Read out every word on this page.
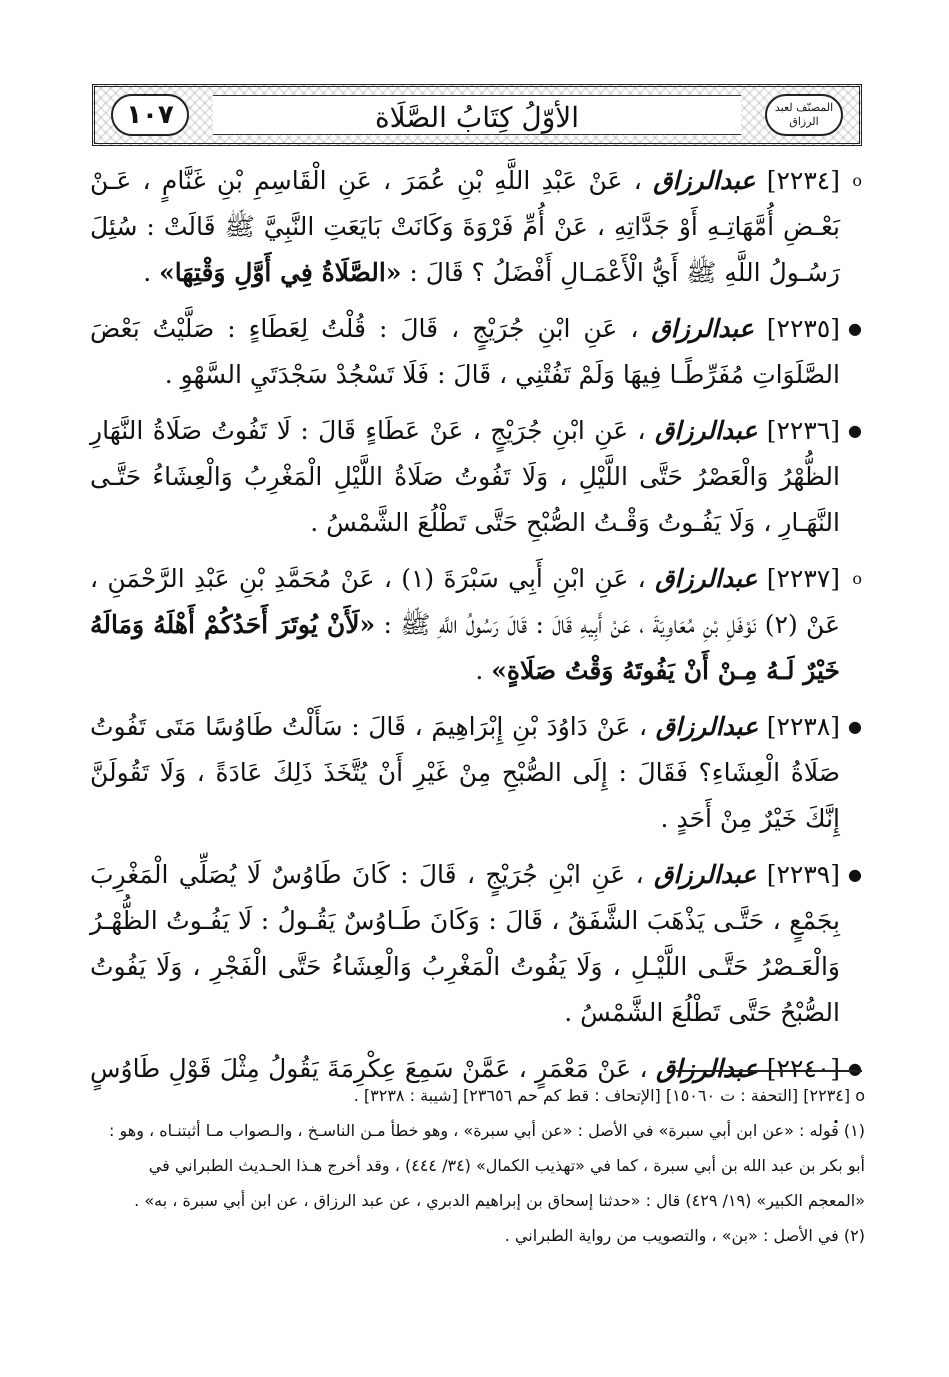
المصنّف لعبد الرزاق
الأوّلُ كِتَابُ الصَّلَاة
١٠٧
o
[٢٢٣٤] عبدالرزاق ، عَنْ عَبْدِ اللَّهِ بْنِ عُمَرَ ، عَنِ الْقَاسِمِ بْنِ غَنَّامٍ ، عَـنْ بَعْـضِ أُمَّهَاتِـهِ أَوْ جَدَّاتِهِ ، عَنْ أُمِّ فَرْوَةَ وَكَانَتْ بَايَعَتِ النَّبِيَّ ﷺ قَالَتْ : سُئِلَ رَسُـولُ اللَّهِ ﷺ أَيُّ الْأَعْمَـالِ أَفْضَلُ ؟ قَالَ : «الصَّلَاةُ فِي أَوَّلِ وَقْتِهَا» .
●
[٢٢٣٥] عبدالرزاق ، عَنِ ابْنِ جُرَيْجٍ ، قَالَ : قُلْتُ لِعَطَاءٍ : صَلَّيْتُ بَعْضَ الصَّلَوَاتِ مُفَرِّطًـا فِيهَا وَلَمْ تَفُتْنِي ، قَالَ : فَلَا تَسْجُدْ سَجْدَتَيِ السَّهْوِ .
●
[٢٢٣٦] عبدالرزاق ، عَنِ ابْنِ جُرَيْجٍ ، عَنْ عَطَاءٍ قَالَ : لَا تَفُوتُ صَلَاةُ النَّهَارِ الظُّهْرُ وَالْعَصْرُ حَتَّى اللَّيْلِ ، وَلَا تَفُوتُ صَلَاةُ اللَّيْلِ الْمَغْرِبُ وَالْعِشَاءُ حَتَّـى النَّهَـارِ ، وَلَا يَفُـوتُ وَقْـتُ الصُّبْحِ حَتَّى تَطْلُعَ الشَّمْسُ .
o
[٢٢٣٧] عبدالرزاق ، عَنِ ابْنِ أَبِي سَبْرَةَ (١) ، عَنْ مُحَمَّدِ بْنِ عَبْدِ الرَّحْمَنِ ، عَنْ (٢) نَوْفَلِ بْنِ مُعَاوِيَةَ ، عَنْ أَبِيهِ قَالَ : قَالَ رَسُولُ اللَّهِ ﷺ : «لَأَنْ يُوتَرَ أَحَدُكُمْ أَهْلَهُ وَمَالَهُ خَيْرٌ لَـهُ مِـنْ أَنْ يَفُوتَهُ وَقْتُ صَلَاةٍ» .
●
[٢٢٣٨] عبدالرزاق ، عَنْ دَاوُدَ بْنِ إِبْرَاهِيمَ ، قَالَ : سَأَلْتُ طَاوُسًا مَتَى تَفُوتُ صَلَاةُ الْعِشَاءِ؟ فَقَالَ : إِلَى الصُّبْحِ مِنْ غَيْرِ أَنْ يُتَّخَذَ ذَلِكَ عَادَةً ، وَلَا تَقُولَنَّ إِنَّكَ خَيْرٌ مِنْ أَحَدٍ .
●
[٢٢٣٩] عبدالرزاق ، عَنِ ابْنِ جُرَيْجٍ ، قَالَ : كَانَ طَاوُسٌ لَا يُصَلِّي الْمَغْرِبَ بِجَمْعٍ ، حَتَّـى يَذْهَبَ الشَّفَقُ ، قَالَ : وَكَانَ طَـاوُسٌ يَقُـولُ : لَا يَفُـوتُ الظُّهْـرُ وَالْعَـصْرُ حَتَّـى اللَّيْـلِ ، وَلَا يَفُوتُ الْمَغْرِبُ وَالْعِشَاءُ حَتَّى الْفَجْرِ ، وَلَا يَفُوتُ الصُّبْحُ حَتَّى تَطْلُعَ الشَّمْسُ .
●
[٢٢٤٠] عبدالرزاق ، عَنْ مَعْمَرٍ ، عَمَّنْ سَمِعَ عِكْرِمَةَ يَقُولُ مِثْلَ قَوْلِ طَاوُسٍ .

o [٢٢٣٤] [التحفة : ت ١٥٠٦٠] [الإتحاف : قط كم حم ٢٣٦٥٦] [شيبة : ٣٢٣٨] .

(١) قوله : «عن ابن أبي سبرة» في الأصل : «عن أبي سبرة» ، وهو خطأ مـن الناسـخ ، والـصواب مـا أثبتنـاه ، وهو : أبو بكر بن عبد الله بن أبي سبرة ، كما في «تهذيب الكمال» (٣٤/ ٤٤٤) ، وقد أخرج هـذا الحـديث الطبراني في «المعجم الكبير» (١٩/ ٤٢٩) قال : «حدثنا إسحاق بن إبراهيم الدبري ، عن عبد الرزاق ، عن ابن أبي سبرة ، به» .

(٢) في الأصل : «بن» ، والتصويب من رواية الطبراني .
